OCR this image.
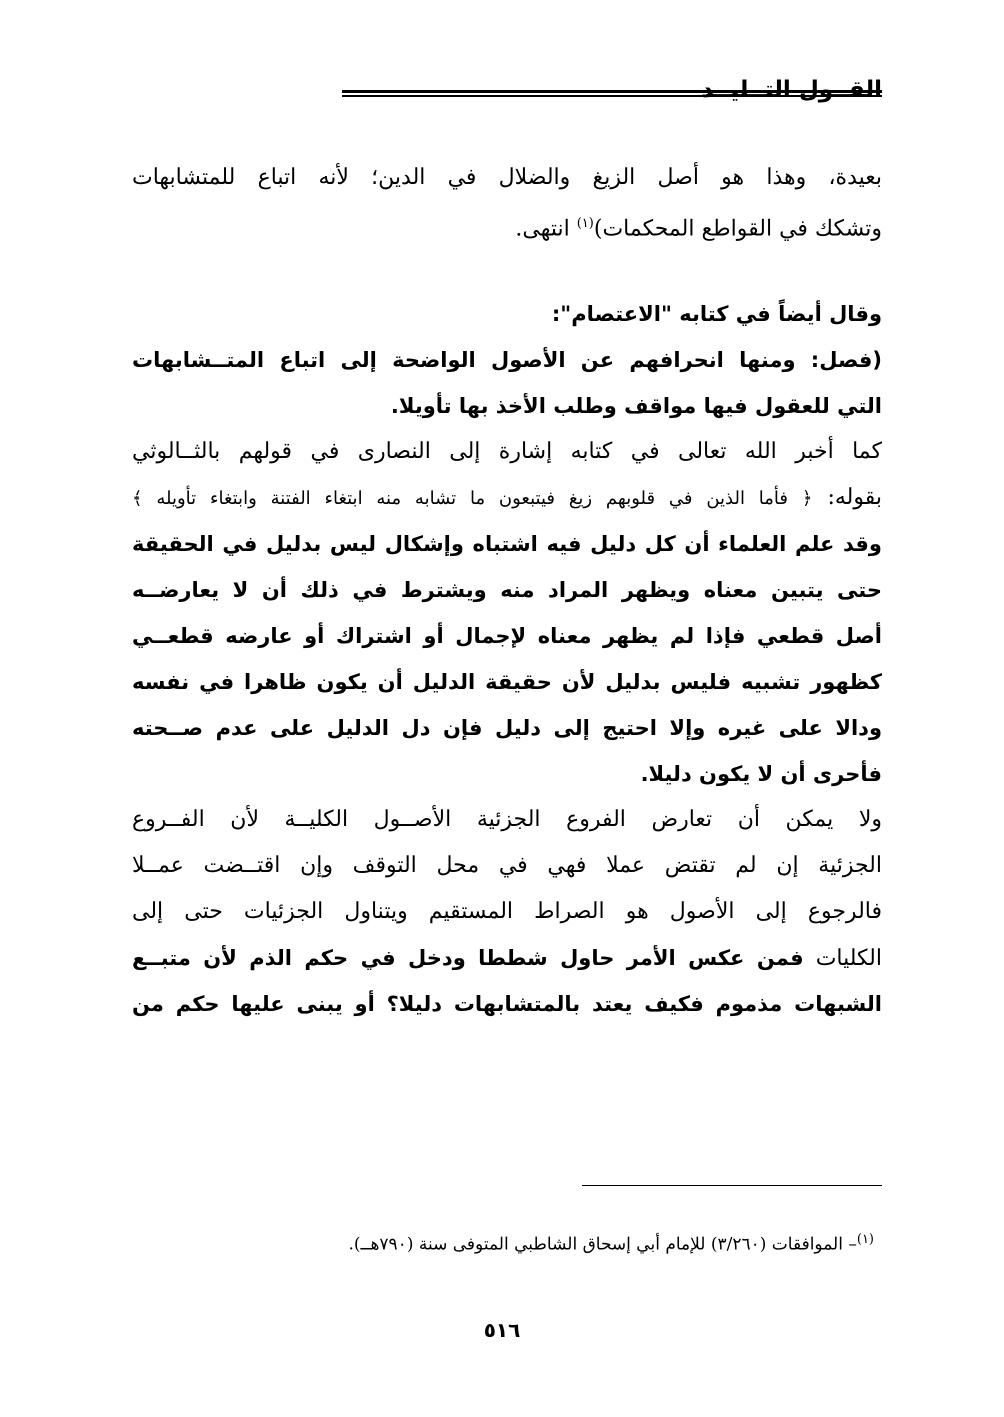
القــول التــليــد
بعيدة، وهذا هو أصل الزيغ والضلال في الدين؛ لأنه اتباع للمتشابهات
وتشكك في القواطع المحكمات)$^{(١)}$ انتهى.
وقال أيضاً في كتابه "الاعتصام":
(فصل: ومنها انحرافهم عن الأصول الواضحة إلى اتباع المتــشابهات
التي للعقول فيها مواقف وطلب الأخذ بها تأويلا.
كما أخبر الله تعالى في كتابه إشارة إلى النصارى في قولهم بالثــالوثي
بقوله: ﴿ فأما الذين في قلوبهم زيغ فيتبعون ما تشابه منه ابتغاء الفتنة وابتغاء تأويله ﴾
وقد علم العلماء أن كل دليل فيه اشتباه وإشكال ليس بدليل في الحقيقة
حتى يتبين معناه ويظهر المراد منه ويشترط في ذلك أن لا يعارضــه
أصل قطعي فإذا لم يظهر معناه لإجمال أو اشتراك أو عارضه قطعــي
كظهور تشبيه فليس بدليل لأن حقيقة الدليل أن يكون ظاهرا في نفسه
ودالا على غيره وإلا احتيج إلى دليل فإن دل الدليل على عدم صــحته
فأحرى أن لا يكون دليلا.
ولا يمكن أن تعارض الفروع الجزئية الأصــول الكليــة لأن الفــروع
الجزئية إن لم تقتض عملا فهي في محل التوقف وإن اقتــضت عمــلا
فالرجوع إلى الأصول هو الصراط المستقيم ويتناول الجزئيات حتى إلى
الكليات فمن عكس الأمر حاول شططا ودخل في حكم الذم لأن متبــع
الشبهات مذموم فكيف يعتد بالمتشابهات دليلا؟ أو يبنى عليها حكم من
$^{(١)}$– الموافقات (٣/٢٦٠) للإمام أبي إسحاق الشاطبي المتوفى سنة (٧٩٠هــ).
٥١٦
